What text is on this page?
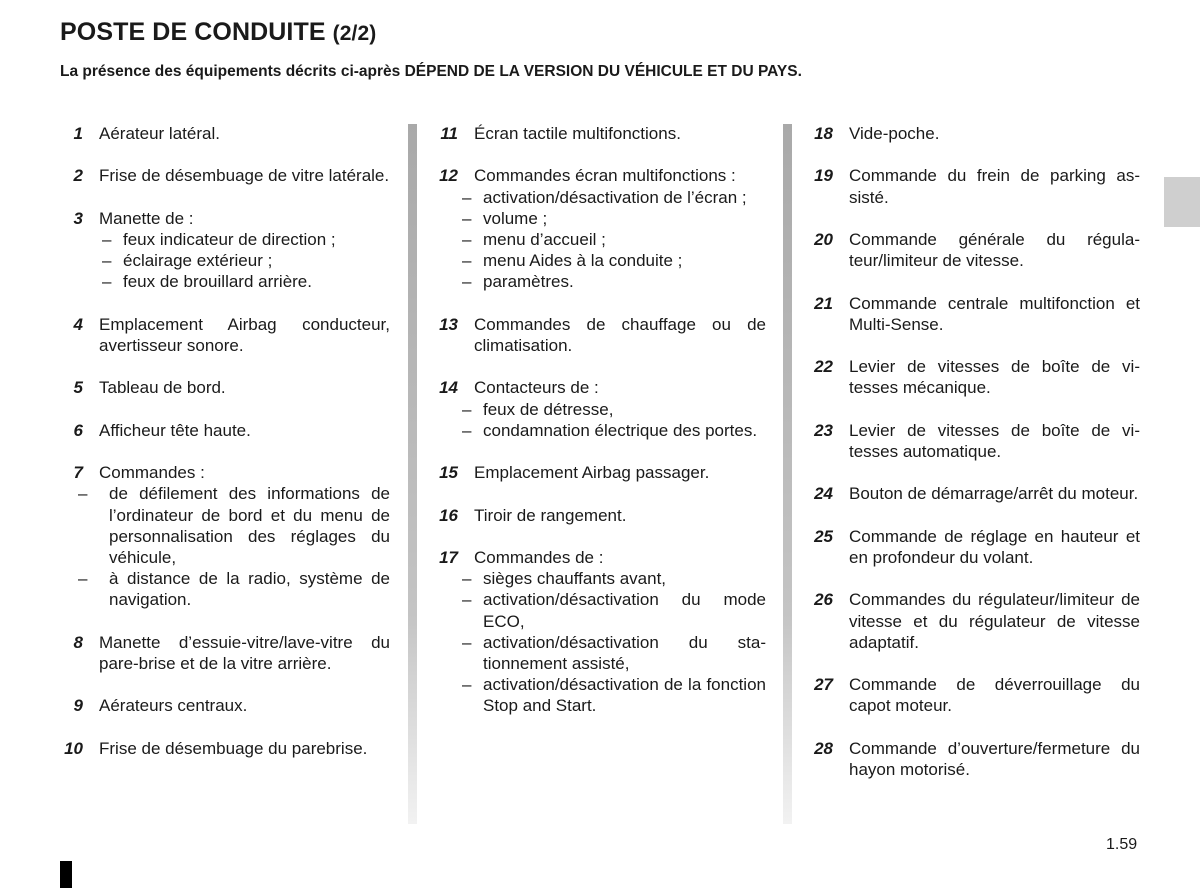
POSTE DE CONDUITE (2/2)

La présence des équipements décrits ci-après DÉPEND DE LA VERSION DU VÉHICULE ET DU PAYS.

1 Aérateur latéral.
2 Frise de désembuage de vitre latérale.
3 Manette de :
– feux indicateur de direction ;
– éclairage extérieur ;
– feux de brouillard arrière.
4 Emplacement Airbag conducteur, avertisseur sonore.
5 Tableau de bord.
6 Afficheur tête haute.
7 Commandes :
– de défilement des informations de l’ordinateur de bord et du menu de personnalisation des réglages du véhicule,
– à distance de la radio, système de navigation.
8 Manette d’essuie-vitre/lave-vitre du pare-brise et de la vitre arrière.
9 Aérateurs centraux.
10 Frise de désembuage du parebrise.
11 Écran tactile multifonctions.
12 Commandes écran multifonctions :
– activation/désactivation de l’écran ;
– volume ;
– menu d’accueil ;
– menu Aides à la conduite ;
– paramètres.
13 Commandes de chauffage ou de climatisation.
14 Contacteurs de :
– feux de détresse,
– condamnation électrique des portes.
15 Emplacement Airbag passager.
16 Tiroir de rangement.
17 Commandes de :
– sièges chauffants avant,
– activation/désactivation du mode ECO,
– activation/désactivation du stationnement assisté,
– activation/désactivation de la fonction Stop and Start.
18 Vide-poche.
19 Commande du frein de parking assisté.
20 Commande générale du régulateur/limiteur de vitesse.
21 Commande centrale multifonction et Multi-Sense.
22 Levier de vitesses de boîte de vitesses mécanique.
23 Levier de vitesses de boîte de vitesses automatique.
24 Bouton de démarrage/arrêt du moteur.
25 Commande de réglage en hauteur et en profondeur du volant.
26 Commandes du régulateur/limiteur de vitesse et du régulateur de vitesse adaptatif.
27 Commande de déverrouillage du capot moteur.
28 Commande d’ouverture/fermeture du hayon motorisé.
1.59
